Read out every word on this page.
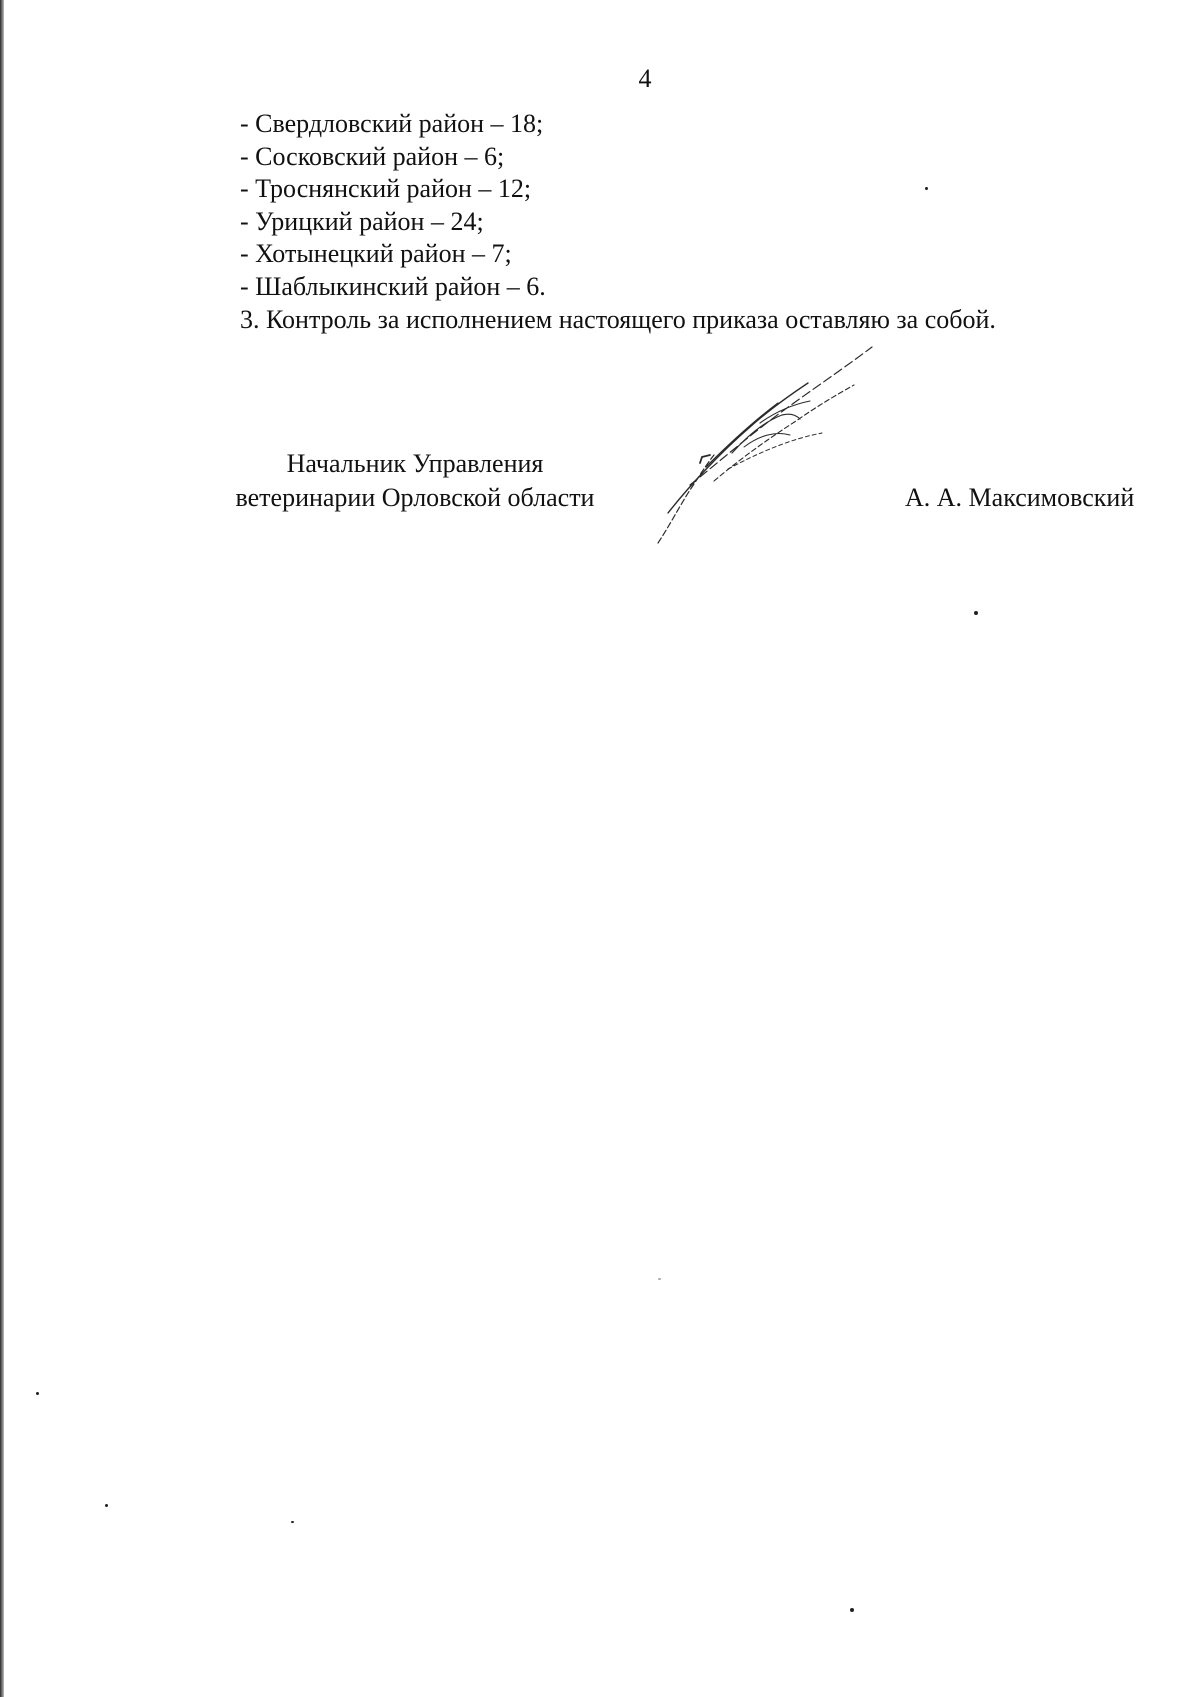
4
- Свердловский район – 18;
- Сосковский район – 6;
- Троснянский район – 12;
- Урицкий район – 24;
- Хотынецкий район – 7;
- Шаблыкинский район – 6.
3. Контроль за исполнением настоящего приказа оставляю за собой.
Начальник Управления
ветеринарии Орловской области	А. А. Максимовский
